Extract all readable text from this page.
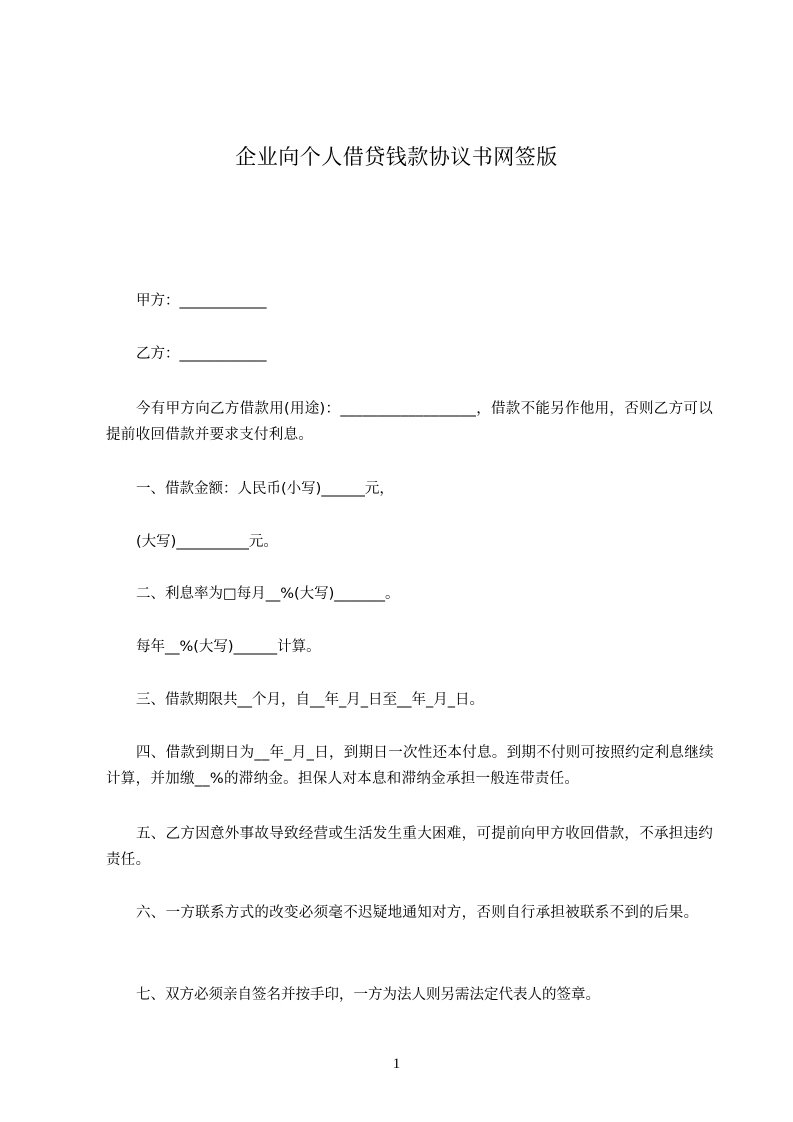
企业向个人借贷钱款协议书网签版

甲方：____________

乙方：____________

今有甲方向乙方借款用(用途)：__________________，借款不能另作他用，否则乙方可以提前收回借款并要求支付利息。

一、借款金额：人民币(小写)______元，

(大写)__________元。

二、利息率为□每月__%(大写)_______。

每年__%(大写)______计算。

三、借款期限共__个月，自__年_月_日至__年_月_日。

四、借款到期日为__年_月_日，到期日一次性还本付息。到期不付则可按照约定利息继续计算，并加缴__%的滞纳金。担保人对本息和滞纳金承担一般连带责任。

五、乙方因意外事故导致经营或生活发生重大困难，可提前向甲方收回借款，不承担违约责任。

六、一方联系方式的改变必须毫不迟疑地通知对方，否则自行承担被联系不到的后果。

七、双方必须亲自签名并按手印，一方为法人则另需法定代表人的签章。

1
